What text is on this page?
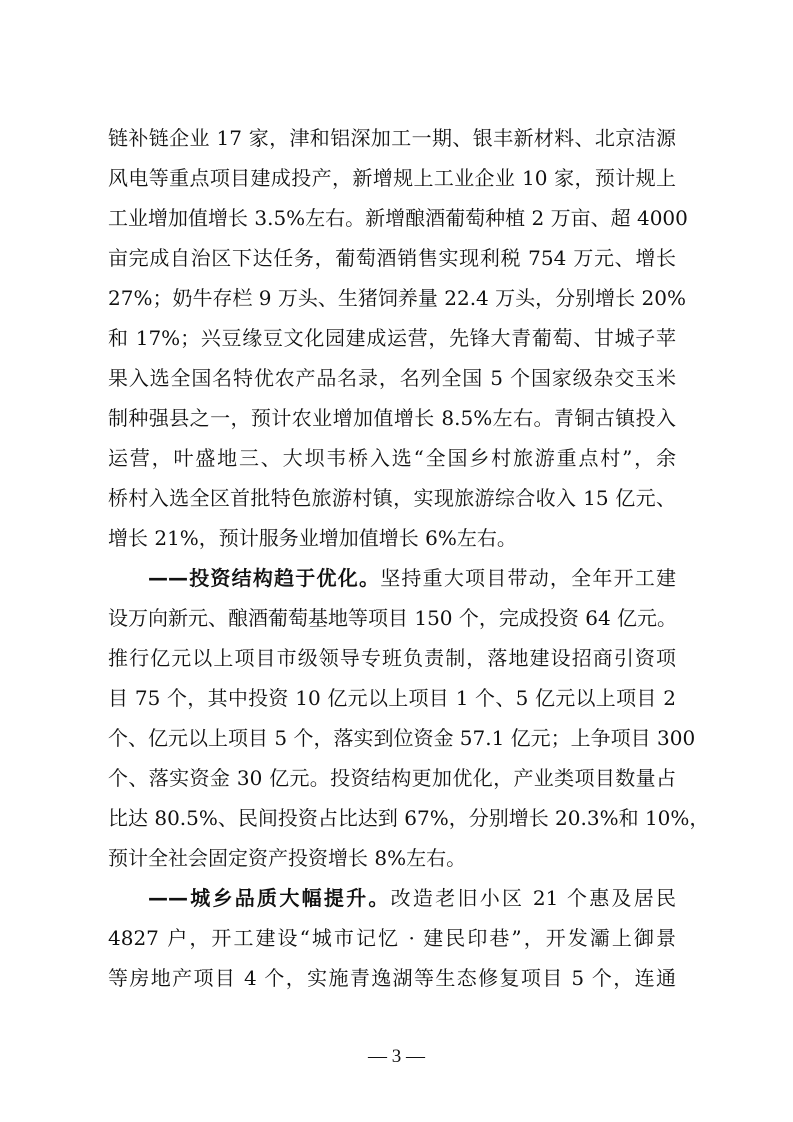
链补链企业 17 家，津和铝深加工一期、银丰新材料、北京洁源
风电等重点项目建成投产，新增规上工业企业 10 家，预计规上
工业增加值增长 3.5%左右。新增酿酒葡萄种植 2 万亩、超 4000
亩完成自治区下达任务，葡萄酒销售实现利税 754 万元、增长
27%；奶牛存栏 9 万头、生猪饲养量 22.4 万头，分别增长 20%
和 17%；兴豆缘豆文化园建成运营，先锋大青葡萄、甘城子苹
果入选全国名特优农产品名录，名列全国 5 个国家级杂交玉米
制种强县之一，预计农业增加值增长 8.5%左右。青铜古镇投入
运营，叶盛地三、大坝韦桥入选“全国乡村旅游重点村”，余
桥村入选全区首批特色旅游村镇，实现旅游综合收入 15 亿元、
增长 21%，预计服务业增加值增长 6%左右。
——投资结构趋于优化。坚持重大项目带动，全年开工建
设万向新元、酿酒葡萄基地等项目 150 个，完成投资 64 亿元。
推行亿元以上项目市级领导专班负责制，落地建设招商引资项
目 75 个，其中投资 10 亿元以上项目 1 个、5 亿元以上项目 2
个、亿元以上项目 5 个，落实到位资金 57.1 亿元；上争项目 300
个、落实资金 30 亿元。投资结构更加优化，产业类项目数量占
比达 80.5%、民间投资占比达到 67%，分别增长 20.3%和 10%，
预计全社会固定资产投资增长 8%左右。
——城乡品质大幅提升。改造老旧小区 21 个惠及居民
4827 户，开工建设“城市记忆 · 建民印巷”，开发灞上御景
等房地产项目 4 个，实施青逸湖等生态修复项目 5 个，连通
— 3 —
